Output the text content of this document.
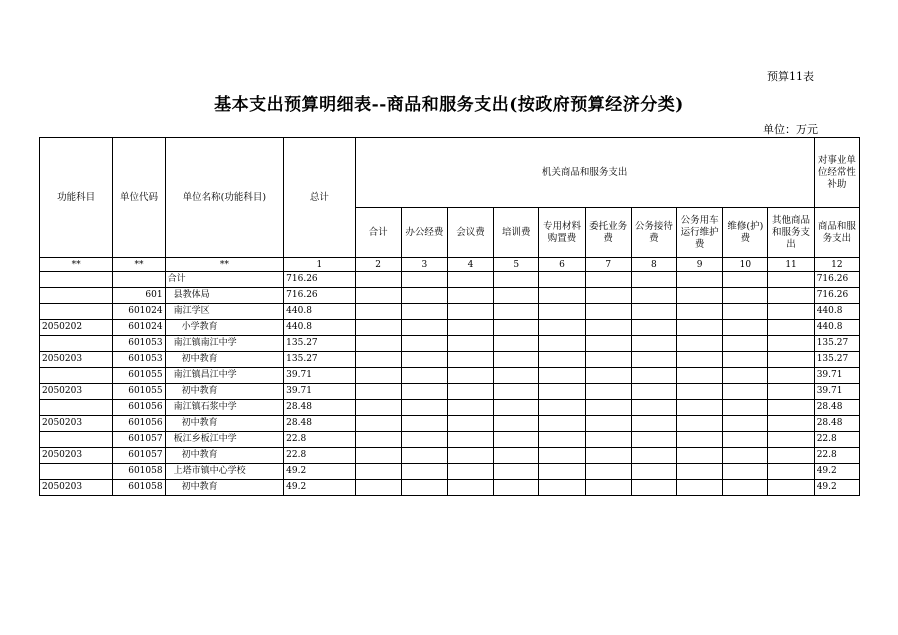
预算11表
基本支出预算明细表--商品和服务支出(按政府预算经济分类)
单位：万元
功能科目	单位代码	单位名称(功能科目)	总计	机关商品和服务支出										对事业单位经常性补助
				合计	办公经费	会议费	培训费	专用材料购置费	委托业务费	公务接待费	公务用车运行维护费	维修(护)费	其他商品和服务支出	商品和服务支出
**	**	**	1	2	3	4	5	6	7	8	9	10	11	12
		合计	716.26											716.26
	601	县教体局	716.26											716.26
	601024	南江学区	440.8											440.8
2050202	601024	小学教育	440.8											440.8
	601053	南江镇南江中学	135.27											135.27
2050203	601053	初中教育	135.27											135.27
	601055	南江镇昌江中学	39.71											39.71
2050203	601055	初中教育	39.71											39.71
	601056	南江镇石浆中学	28.48											28.48
2050203	601056	初中教育	28.48											28.48
	601057	板江乡板江中学	22.8											22.8
2050203	601057	初中教育	22.8											22.8
	601058	上塔市镇中心学校	49.2											49.2
2050203	601058	初中教育	49.2											49.2
